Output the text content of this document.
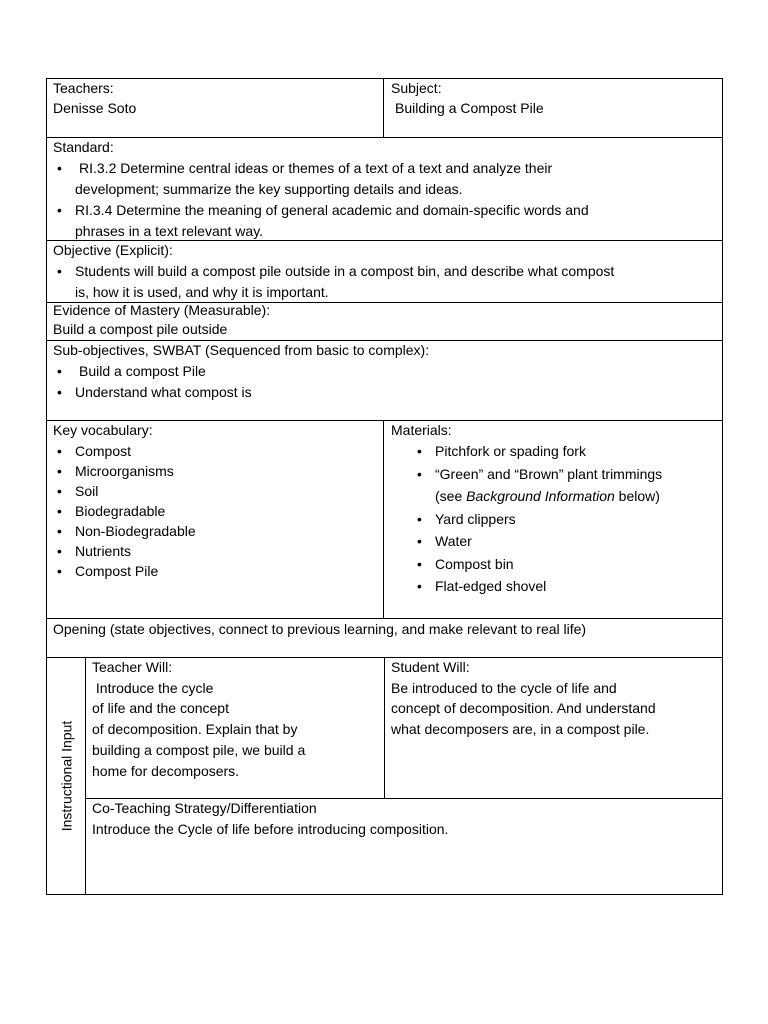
Teachers:
Denisse Soto
Subject:
Building a Compost Pile
Standard:
• RI.3.2 Determine central ideas or themes of a text of a text and analyze their
development; summarize the key supporting details and ideas.
• RI.3.4 Determine the meaning of general academic and domain-specific words and
phrases in a text relevant way.
Objective (Explicit):
• Students will build a compost pile outside in a compost bin, and describe what compost
is, how it is used, and why it is important.
Evidence of Mastery (Measurable):
Build a compost pile outside
Sub-objectives, SWBAT (Sequenced from basic to complex):
• Build a compost Pile
• Understand what compost is
Key vocabulary:
• Compost
• Microorganisms
• Soil
• Biodegradable
• Non-Biodegradable
• Nutrients
• Compost Pile
Materials:
• Pitchfork or spading fork
• “Green” and “Brown” plant trimmings
(see Background Information below)
• Yard clippers
• Water
• Compost bin
• Flat-edged shovel
Opening (state objectives, connect to previous learning, and make relevant to real life)
Instructional Input
Teacher Will:
Introduce the cycle
of life and the concept
of decomposition. Explain that by
building a compost pile, we build a
home for decomposers.
Student Will:
Be introduced to the cycle of life and
concept of decomposition. And understand
what decomposers are, in a compost pile.
Co-Teaching Strategy/Differentiation
Introduce the Cycle of life before introducing composition.
